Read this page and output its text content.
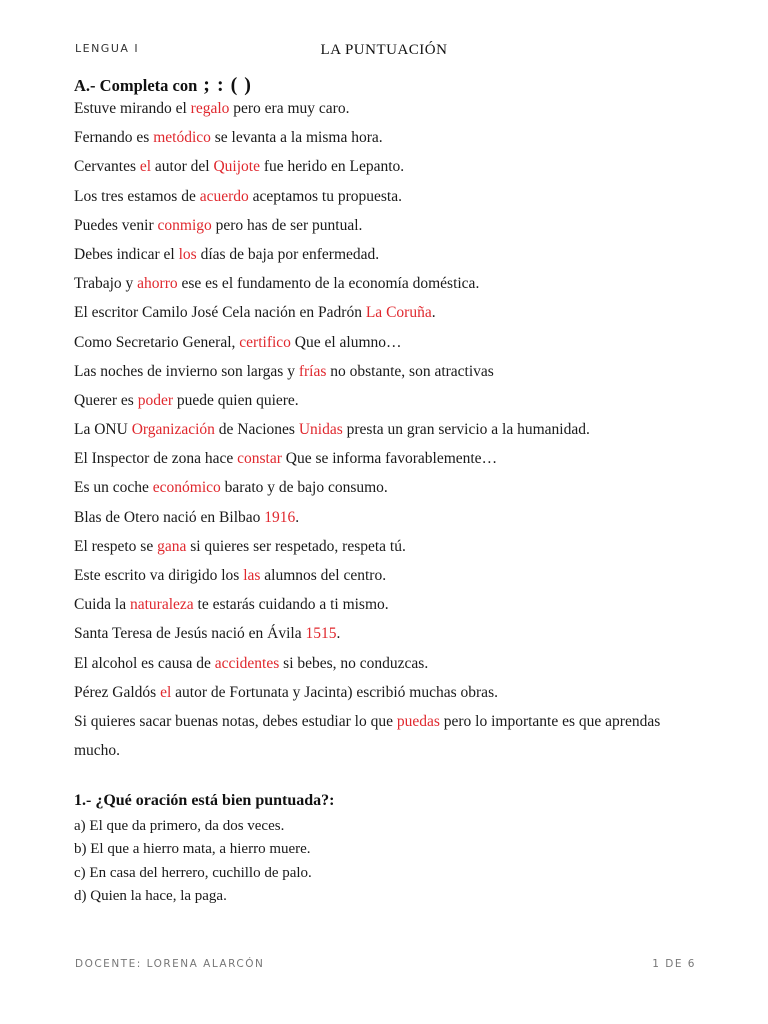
LENGUA I	LA PUNTUACIÓN
A.- Completa con ; : ( )
Estuve mirando el regalo pero era muy caro.
Fernando es metódico se levanta a la misma hora.
Cervantes el autor del Quijote fue herido en Lepanto.
Los tres estamos de acuerdo aceptamos tu propuesta.
Puedes venir conmigo pero has de ser puntual.
Debes indicar el los días de baja por enfermedad.
Trabajo y ahorro ese es el fundamento de la economía doméstica.
El escritor Camilo José Cela nación en Padrón La Coruña.
Como Secretario General, certifico Que el alumno…
Las noches de invierno son largas y frías no obstante, son atractivas
Querer es poder puede quien quiere.
La ONU Organización de Naciones Unidas presta un gran servicio a la humanidad.
El Inspector de zona hace constar Que se informa favorablemente…
Es un coche económico barato y de bajo consumo.
Blas de Otero nació en Bilbao 1916.
El respeto se gana si quieres ser respetado, respeta tú.
Este escrito va dirigido los las alumnos del centro.
Cuida la naturaleza te estarás cuidando a ti mismo.
Santa Teresa de Jesús nació en Ávila 1515.
El alcohol es causa de accidentes si bebes, no conduzcas.
Pérez Galdós el autor de Fortunata y Jacinta) escribió muchas obras.
Si quieres sacar buenas notas, debes estudiar lo que puedas pero lo importante es que aprendas mucho.
1.- ¿Qué oración está bien puntuada?:
a) El que da primero, da dos veces.
b) El que a hierro mata, a hierro muere.
c) En casa del herrero, cuchillo de palo.
d) Quien la hace, la paga.
DOCENTE: LORENA ALARCÓN	1 DE 6
